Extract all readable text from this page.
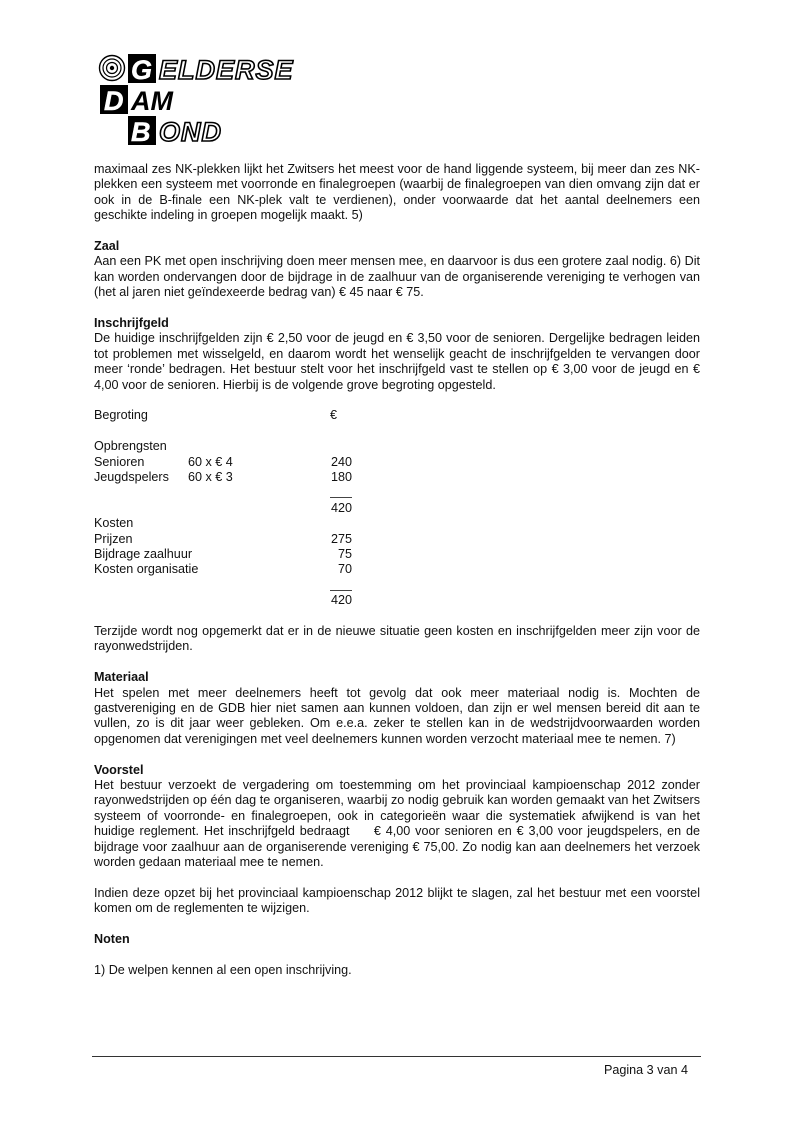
G ELDERSE
D AM
B OND

maximaal zes NK-plekken lijkt het Zwitsers het meest voor de hand liggende systeem, bij meer dan zes NK-plekken een systeem met voorronde en finalegroepen (waarbij de finalegroepen van dien omvang zijn dat er ook in de B-finale een NK-plek valt te verdienen), onder voorwaarde dat het aantal deelnemers een geschikte indeling in groepen mogelijk maakt. 5)

Zaal

Aan een PK met open inschrijving doen meer mensen mee, en daarvoor is dus een grotere zaal nodig. 6) Dit kan worden ondervangen door de bijdrage in de zaalhuur van de organiserende vereniging te verhogen van (het al jaren niet geïndexeerde bedrag van) € 45 naar € 75.

Inschrijfgeld

De huidige inschrijfgelden zijn € 2,50 voor de jeugd en € 3,50 voor de senioren. Dergelijke bedragen leiden tot problemen met wisselgeld, en daarom wordt het wenselijk geacht de inschrijfgelden te vervangen door meer ‘ronde’ bedragen. Het bestuur stelt voor het inschrijfgeld vast te stellen op € 3,00 voor de jeugd en € 4,00 voor de senioren. Hierbij is de volgende grove begroting opgesteld.

Begroting	€
Opbrengsten
Senioren	60 x € 4	240
Jeugdspelers 60 x € 3	180
420
Kosten
Prijzen	275
Bijdrage zaalhuur	75
Kosten organisatie	70
420

Terzijde wordt nog opgemerkt dat er in de nieuwe situatie geen kosten en inschrijfgelden meer zijn voor de rayonwedstrijden.

Materiaal

Het spelen met meer deelnemers heeft tot gevolg dat ook meer materiaal nodig is. Mochten de gastvereniging en de GDB hier niet samen aan kunnen voldoen, dan zijn er wel mensen bereid dit aan te vullen, zo is dit jaar weer gebleken. Om e.e.a. zeker te stellen kan in de wedstrijdvoorwaarden worden opgenomen dat verenigingen met veel deelnemers kunnen worden verzocht materiaal mee te nemen. 7)

Voorstel

Het bestuur verzoekt de vergadering om toestemming om het provinciaal kampioenschap 2012 zonder rayonwedstrijden op één dag te organiseren, waarbij zo nodig gebruik kan worden gemaakt van het Zwitsers systeem of voorronde- en finalegroepen, ook in categorieën waar die systematiek afwijkend is van het huidige reglement. Het inschrijfgeld bedraagt     € 4,00 voor senioren en € 3,00 voor jeugdspelers, en de bijdrage voor zaalhuur aan de organiserende vereniging € 75,00. Zo nodig kan aan deelnemers het verzoek worden gedaan materiaal mee te nemen.

Indien deze opzet bij het provinciaal kampioenschap 2012 blijkt te slagen, zal het bestuur met een voorstel komen om de reglementen te wijzigen.

Noten

1) De welpen kennen al een open inschrijving.

Pagina 3 van 4
